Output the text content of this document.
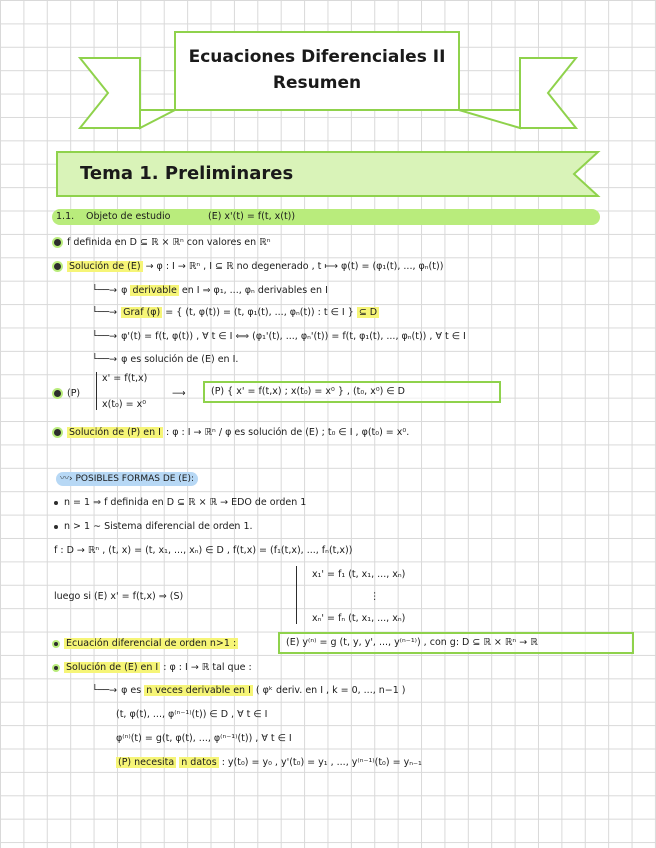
Ecuaciones Diferenciales II
Resumen
Tema 1. Preliminares
1.1. Objeto de estudio	(E) x'(t) = f(t, x(t))
f definida en D ⊆ ℝ × ℝⁿ con valores en ℝⁿ
Solución de (E) → φ : I → ℝⁿ , I ⊆ ℝ no degenerado , t ⟼ φ(t) = (φ₁(t), ..., φₙ(t))
└──→ φ derivable en I ⇒ φ₁, ..., φₙ derivables en I
└──→ Graf (φ) = { (t, φ(t)) = (t, φ₁(t), ..., φₙ(t)) : t ∈ I } ⊆ D
└──→ φ'(t) = f(t, φ(t)) , ∀ t ∈ I ⟺ (φ₁'(t), ..., φₙ'(t)) = f(t, φ₁(t), ..., φₙ(t)) , ∀ t ∈ I
└──→ φ es solución de (E) en I.
(P)
x' = f(t,x)
x(t₀) = x⁰
⟶	(P) { x' = f(t,x) ; x(t₀) = x⁰ } , (t₀, x⁰) ∈ D
Solución de (P) en I : φ : I → ℝⁿ / φ es solución de (E) ; t₀ ∈ I , φ(t₀) = x⁰.
〰› POSIBLES FORMAS DE (E):
n = 1 ⇒ f definida en D ⊆ ℝ × ℝ → EDO de orden 1
n > 1 ∼ Sistema diferencial de orden 1.
f : D → ℝⁿ , (t, x) = (t, x₁, ..., xₙ) ∈ D , f(t,x) = (f₁(t,x), ..., fₙ(t,x))
luego si (E) x' = f(t,x) ⇒ (S)
x₁' = f₁ (t, x₁, ..., xₙ)
⋮
xₙ' = fₙ (t, x₁, ..., xₙ)
Ecuación diferencial de orden n>1 :	(E) y⁽ⁿ⁾ = g (t, y, y', ..., y⁽ⁿ⁻¹⁾) , con g: D ⊆ ℝ × ℝⁿ → ℝ
Solución de (E) en I : φ : I → ℝ tal que :
└──→ φ es n veces derivable en I ( φᵏ deriv. en I , k = 0, ..., n−1 )
(t, φ(t), ..., φ⁽ⁿ⁻¹⁾(t)) ∈ D , ∀ t ∈ I
φ⁽ⁿ⁾(t) = g(t, φ(t), ..., φ⁽ⁿ⁻¹⁾(t)) , ∀ t ∈ I
(P) necesita n datos : y(t₀) = y₀ , y'(t₀) = y₁ , ..., y⁽ⁿ⁻¹⁾(t₀) = yₙ₋₁
